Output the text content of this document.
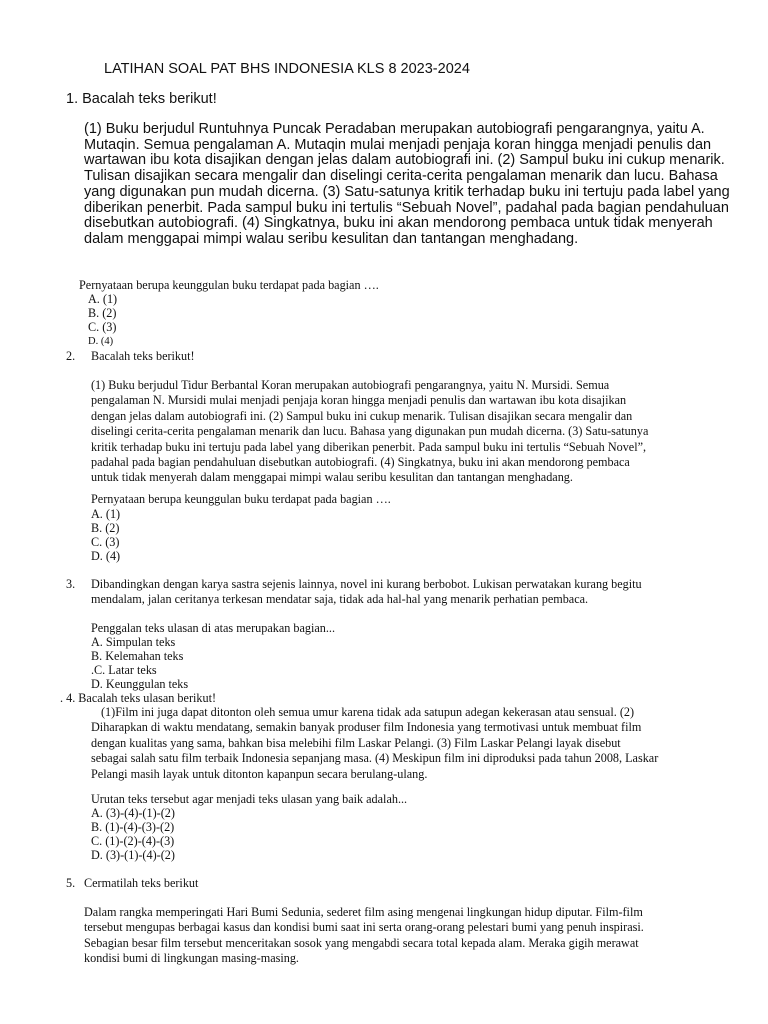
LATIHAN SOAL PAT BHS INDONESIA KLS 8 2023-2024
1. Bacalah teks berikut!
(1) Buku berjudul Runtuhnya Puncak Peradaban merupakan autobiografi pengarangnya, yaitu A. Mutaqin. Semua pengalaman A. Mutaqin mulai menjadi penjaja koran hingga menjadi penulis dan wartawan ibu kota disajikan dengan jelas dalam autobiografi ini. (2) Sampul buku ini cukup menarik. Tulisan disajikan secara mengalir dan diselingi cerita-cerita pengalaman menarik dan lucu. Bahasa yang digunakan pun mudah dicerna. (3) Satu-satunya kritik terhadap buku ini tertuju pada label yang diberikan penerbit. Pada sampul buku ini tertulis “Sebuah Novel”, padahal pada bagian pendahuluan disebutkan autobiografi. (4) Singkatnya, buku ini akan mendorong pembaca untuk tidak menyerah dalam menggapai mimpi walau seribu kesulitan dan tantangan menghadang.
Pernyataan berupa keunggulan buku terdapat pada bagian ….
A. (1)
B. (2)
C. (3)
D. (4)
2. Bacalah teks berikut!
(1) Buku berjudul Tidur Berbantal Koran merupakan autobiografi pengarangnya, yaitu N. Mursidi. Semua
pengalaman N. Mursidi mulai menjadi penjaja koran hingga menjadi penulis dan wartawan ibu kota disajikan
dengan jelas dalam autobiografi ini. (2) Sampul buku ini cukup menarik. Tulisan disajikan secara mengalir dan
diselingi cerita-cerita pengalaman menarik dan lucu. Bahasa yang digunakan pun mudah dicerna. (3) Satu-satunya
kritik terhadap buku ini tertuju pada label yang diberikan penerbit. Pada sampul buku ini tertulis “Sebuah Novel”,
padahal pada bagian pendahuluan disebutkan autobiografi. (4) Singkatnya, buku ini akan mendorong pembaca
untuk tidak menyerah dalam menggapai mimpi walau seribu kesulitan dan tantangan menghadang.
Pernyataan berupa keunggulan buku terdapat pada bagian ….
A. (1)
B. (2)
C. (3)
D. (4)
3. Dibandingkan dengan karya sastra sejenis lainnya, novel ini kurang berbobot. Lukisan perwatakan kurang begitu
mendalam, jalan ceritanya terkesan mendatar saja, tidak ada hal-hal yang menarik perhatian pembaca.
Penggalan teks ulasan di atas merupakan bagian...
A. Simpulan teks
B. Kelemahan teks
.C. Latar teks
D. Keunggulan teks
. 4. Bacalah teks ulasan berikut!
(1)Film ini juga dapat ditonton oleh semua umur karena tidak ada satupun adegan kekerasan atau sensual. (2)
Diharapkan di waktu mendatang, semakin banyak produser film Indonesia yang termotivasi untuk membuat film
dengan kualitas yang sama, bahkan bisa melebihi film Laskar Pelangi. (3) Film Laskar Pelangi layak disebut
sebagai salah satu film terbaik Indonesia sepanjang masa. (4) Meskipun film ini diproduksi pada tahun 2008, Laskar
Pelangi masih layak untuk ditonton kapanpun secara berulang-ulang.
Urutan teks tersebut agar menjadi teks ulasan yang baik adalah...
A. (3)-(4)-(1)-(2)
B. (1)-(4)-(3)-(2)
C. (1)-(2)-(4)-(3)
D. (3)-(1)-(4)-(2)
5. Cermatilah teks berikut
Dalam rangka memperingati Hari Bumi Sedunia, sederet film asing mengenai lingkungan hidup diputar. Film-film
tersebut mengupas berbagai kasus dan kondisi bumi saat ini serta orang-orang pelestari bumi yang penuh inspirasi.
Sebagian besar film tersebut menceritakan sosok yang mengabdi secara total kepada alam. Meraka gigih merawat
kondisi bumi di lingkungan masing-masing.
